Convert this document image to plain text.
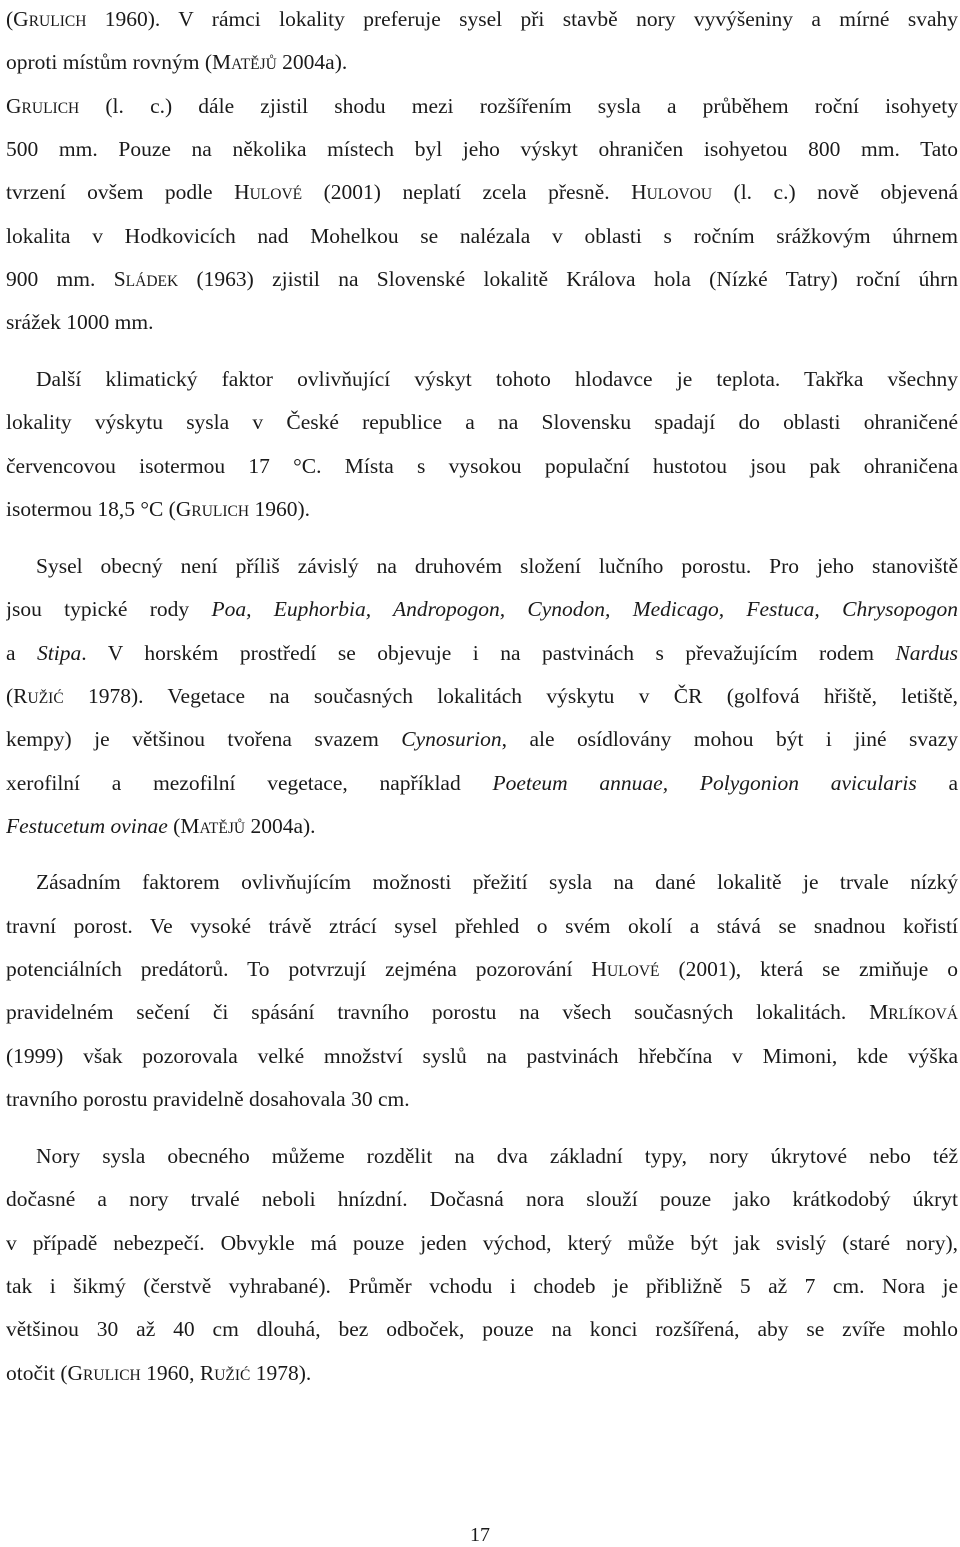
(GRULICH 1960). V rámci lokality preferuje sysel při stavbě nory vyvýšeniny a mírné svahy
oproti místům rovným (MATĚJŮ 2004a).
GRULICH (l. c.) dále zjistil shodu mezi rozšířením sysla a průběhem roční isohyety
500 mm. Pouze na několika místech byl jeho výskyt ohraničen isohyetou 800 mm. Tato
tvrzení ovšem podle HULOVÉ (2001) neplatí zcela přesně. HULOVOU (l. c.) nově objevená
lokalita v Hodkovicích nad Mohelkou se nalézala v oblasti s ročním srážkovým úhrnem
900 mm. SLÁDEK (1963) zjistil na Slovenské lokalitě Králova hola (Nízké Tatry) roční úhrn
srážek 1000 mm.
Další klimatický faktor ovlivňující výskyt tohoto hlodavce je teplota. Takřka všechny
lokality výskytu sysla v České republice a na Slovensku spadají do oblasti ohraničené
červencovou isotermou 17 °C. Místa s vysokou populační hustotou jsou pak ohraničena
isotermou 18,5 °C (GRULICH 1960).
Sysel obecný není příliš závislý na druhovém složení lučního porostu. Pro jeho stanoviště
jsou typické rody Poa, Euphorbia, Andropogon, Cynodon, Medicago, Festuca, Chrysopogon
a Stipa. V horském prostředí se objevuje i na pastvinách s převažujícím rodem Nardus
(RUŽIĆ 1978). Vegetace na současných lokalitách výskytu v ČR (golfová hřiště, letiště,
kempy) je většinou tvořena svazem Cynosurion, ale osídlovány mohou být i jiné svazy
xerofilní a mezofilní vegetace, například Poeteum annuae, Polygonion avicularis a
Festucetum ovinae (MATĚJŮ 2004a).
Zásadním faktorem ovlivňujícím možnosti přežití sysla na dané lokalitě je trvale nízký
travní porost. Ve vysoké trávě ztrácí sysel přehled o svém okolí a stává se snadnou kořistí
potenciálních predátorů. To potvrzují zejména pozorování HULOVÉ (2001), která se zmiňuje o
pravidelném sečení či spásání travního porostu na všech současných lokalitách. MRLÍKOVÁ
(1999) však pozorovala velké množství syslů na pastvinách hřebčína v Mimoni, kde výška
travního porostu pravidelně dosahovala 30 cm.
Nory sysla obecného můžeme rozdělit na dva základní typy, nory úkrytové nebo též
dočasné a nory trvalé neboli hnízdní. Dočasná nora slouží pouze jako krátkodobý úkryt
v případě nebezpečí. Obvykle má pouze jeden východ, který může být jak svislý (staré nory),
tak i šikmý (čerstvě vyhrabané). Průměr vchodu i chodeb je přibližně 5 až 7 cm. Nora je
většinou 30 až 40 cm dlouhá, bez odboček, pouze na konci rozšířená, aby se zvíře mohlo
otočit (GRULICH 1960, RUŽIĆ 1978).
17
